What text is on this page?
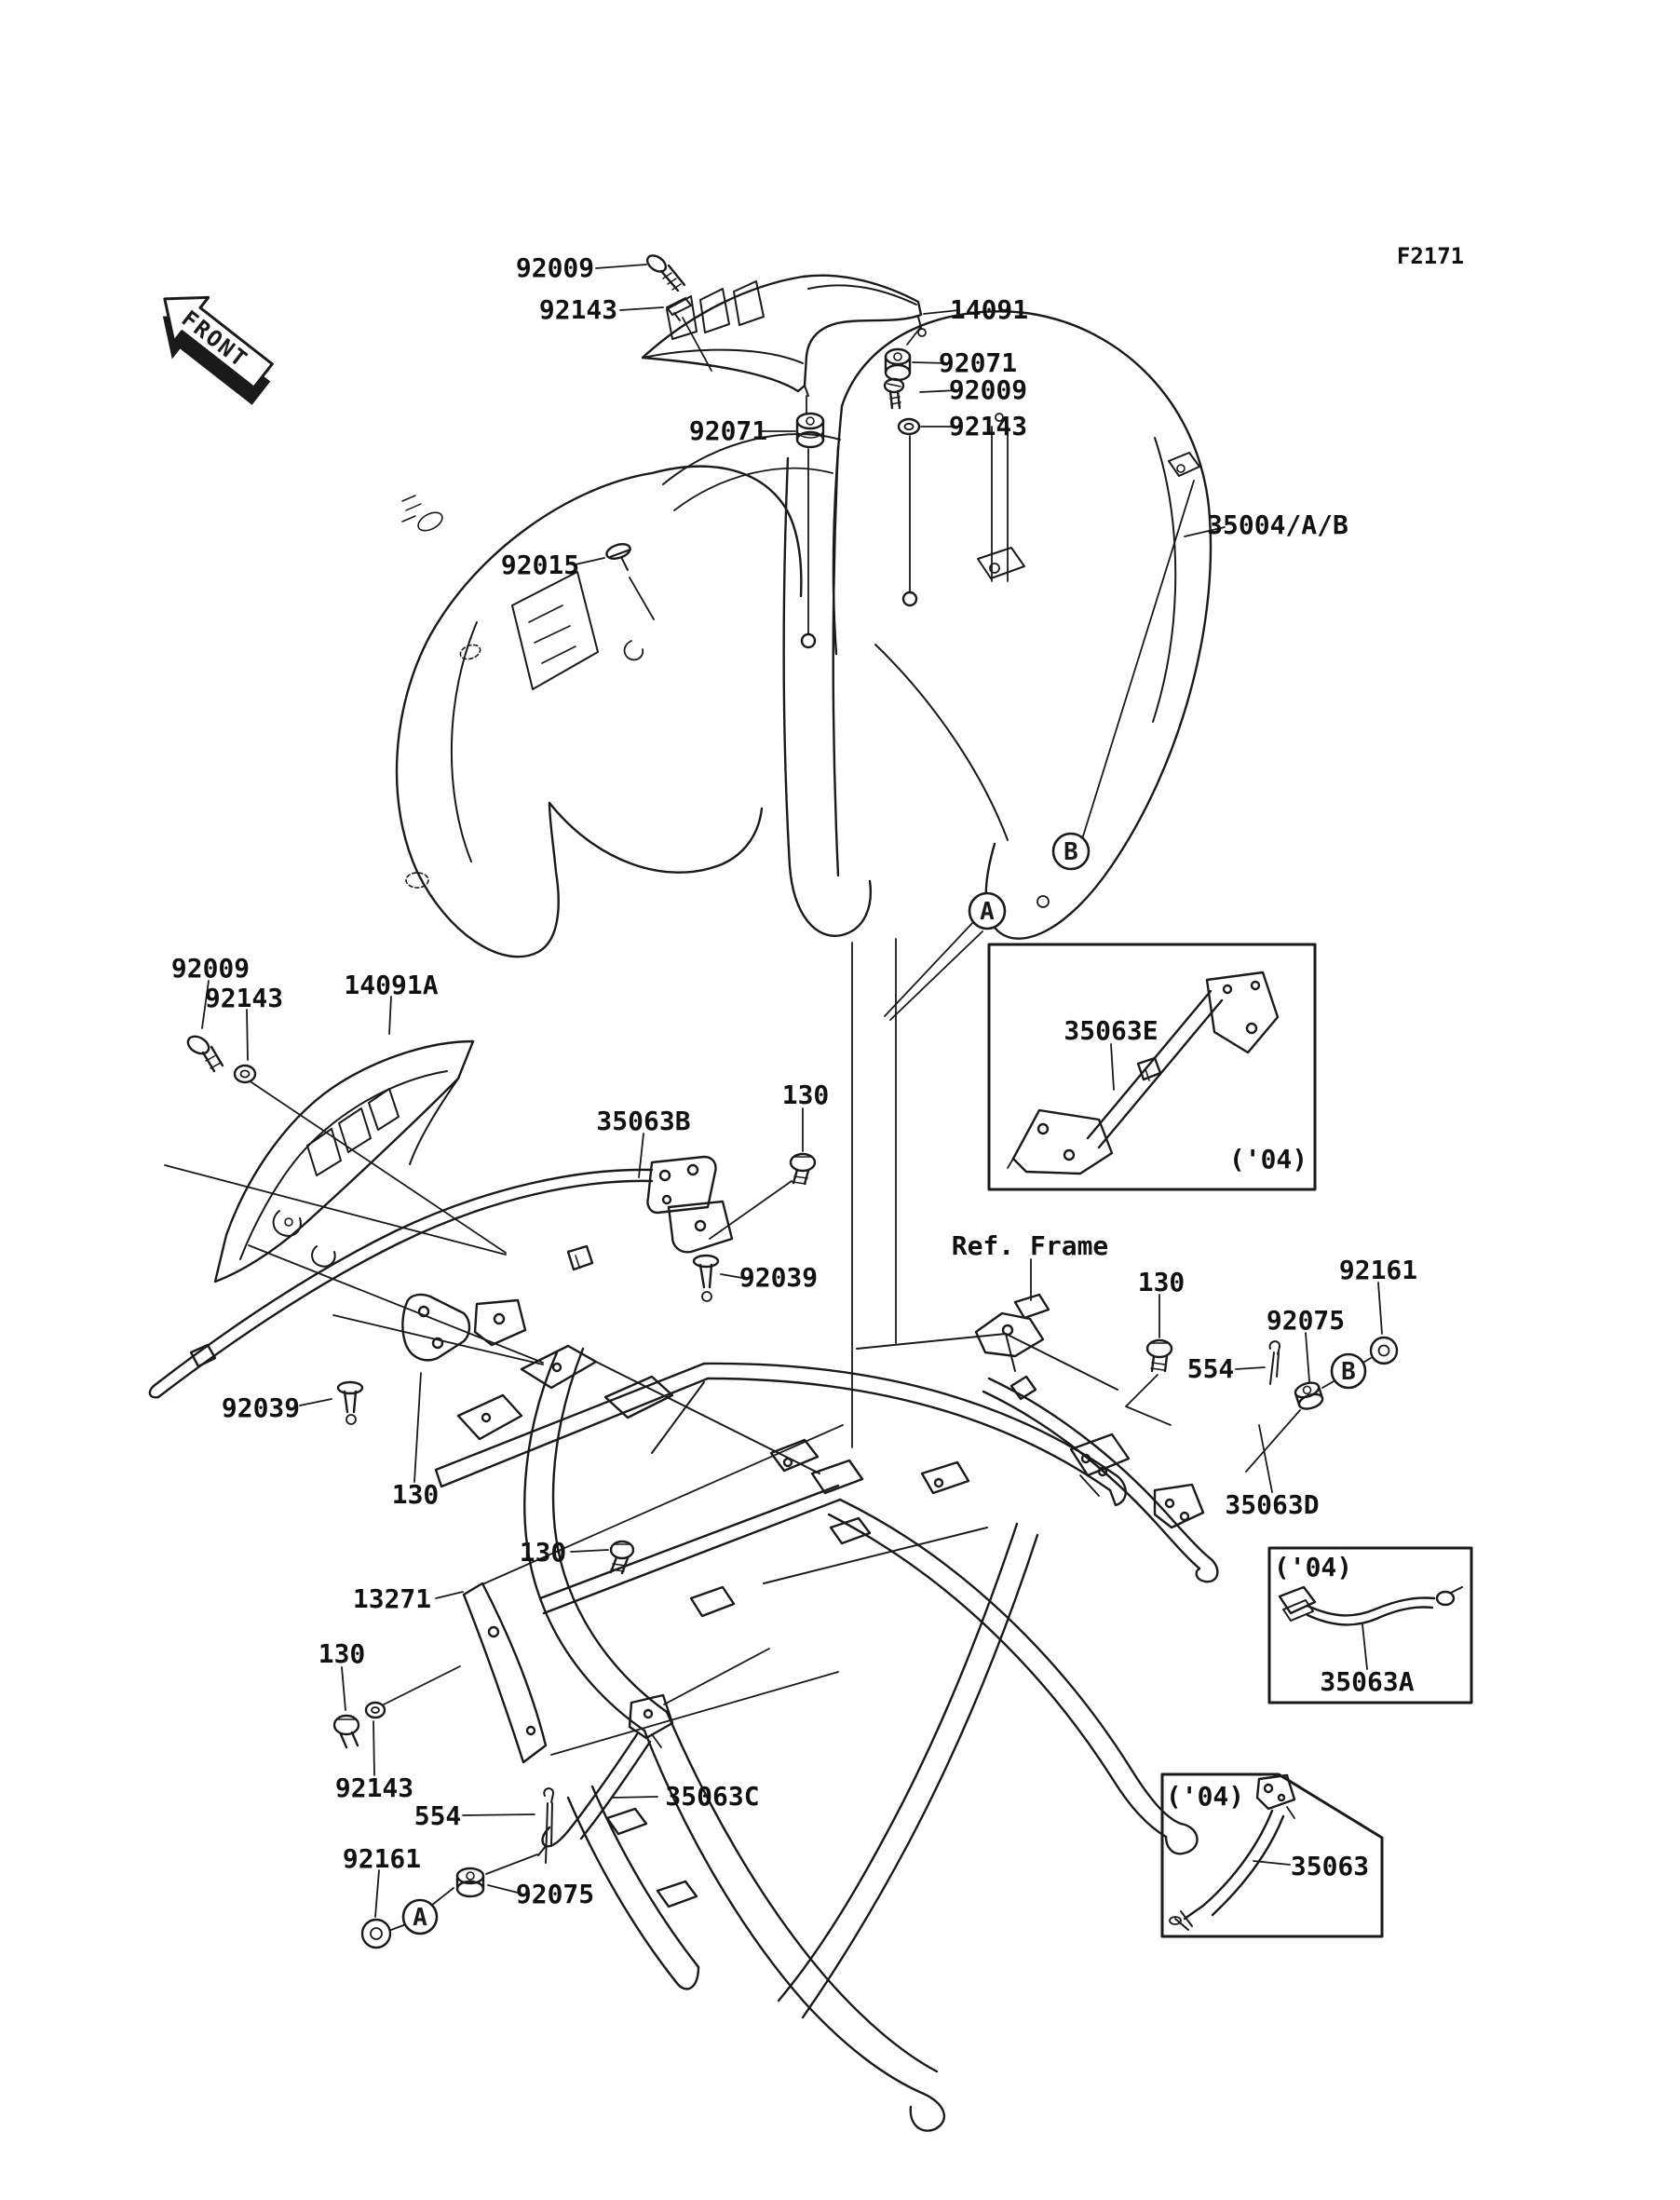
FRONT
B
A
B
A
92009
92143	14091
92071
92009
92143
92071
92015
35004/A/B
92009
92143 14091A
35063B
130
92039
Ref. Frame
130	92161
92075
554
35063D
35063E
('04)
92039
130
130
13271
130
92143
554
92161
92075
35063C
('04)
35063A
('04)
35063
F2171
